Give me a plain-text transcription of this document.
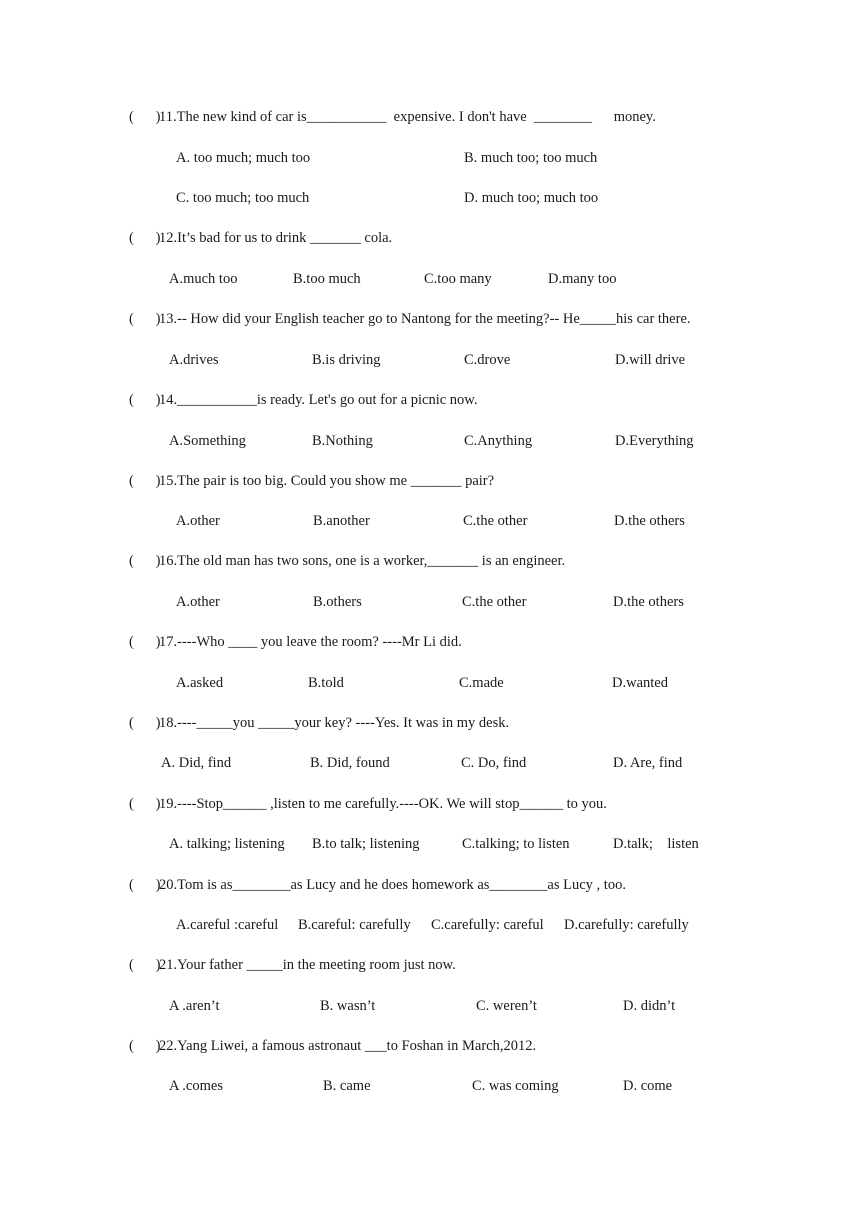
(      )11.The new kind of car is___________  expensive. I don't have  ________      money.
A. too much; much too	B. much too; too much
C. too much; too much	D. much too; much too
(      )12.It’s bad for us to drink _______ cola.
A.much too	B.too much	C.too many	D.many too
(      )13.-- How did your English teacher go to Nantong for the meeting?-- He_____his car there.
A.drives	B.is driving	C.drove	D.will drive
(      )14.___________is ready. Let's go out for a picnic now.
A.Something	B.Nothing	C.Anything	D.Everything
(      )15.The pair is too big. Could you show me _______ pair?
A.other	B.another	C.the other	D.the others
(      )16.The old man has two sons, one is a worker,_______ is an engineer.
A.other	B.others	C.the other	D.the others
(      )17.----Who ____ you leave the room? ----Mr Li did.
A.asked	B.told	C.made	D.wanted
(      )18.----_____you _____your key? ----Yes. It was in my desk.
A. Did, find	B. Did, found	C. Do, find	D. Are, find
(      )19.----Stop______ ,listen to me carefully.----OK. We will stop______ to you.
A. talking; listening B.to talk; listening	C.talking; to listen	D.talk;    listen
(      )20.Tom is as________as Lucy and he does homework as________as Lucy , too.
A.careful :careful B.careful: carefully C.carefully: careful D.carefully: carefully
(      )21.Your father _____in the meeting room just now.
A .aren’t	B. wasn’t	C. weren’t	D. didn’t
(      )22.Yang Liwei, a famous astronaut ___to Foshan in March,2012.
A .comes	B. came	C. was coming	D. come
